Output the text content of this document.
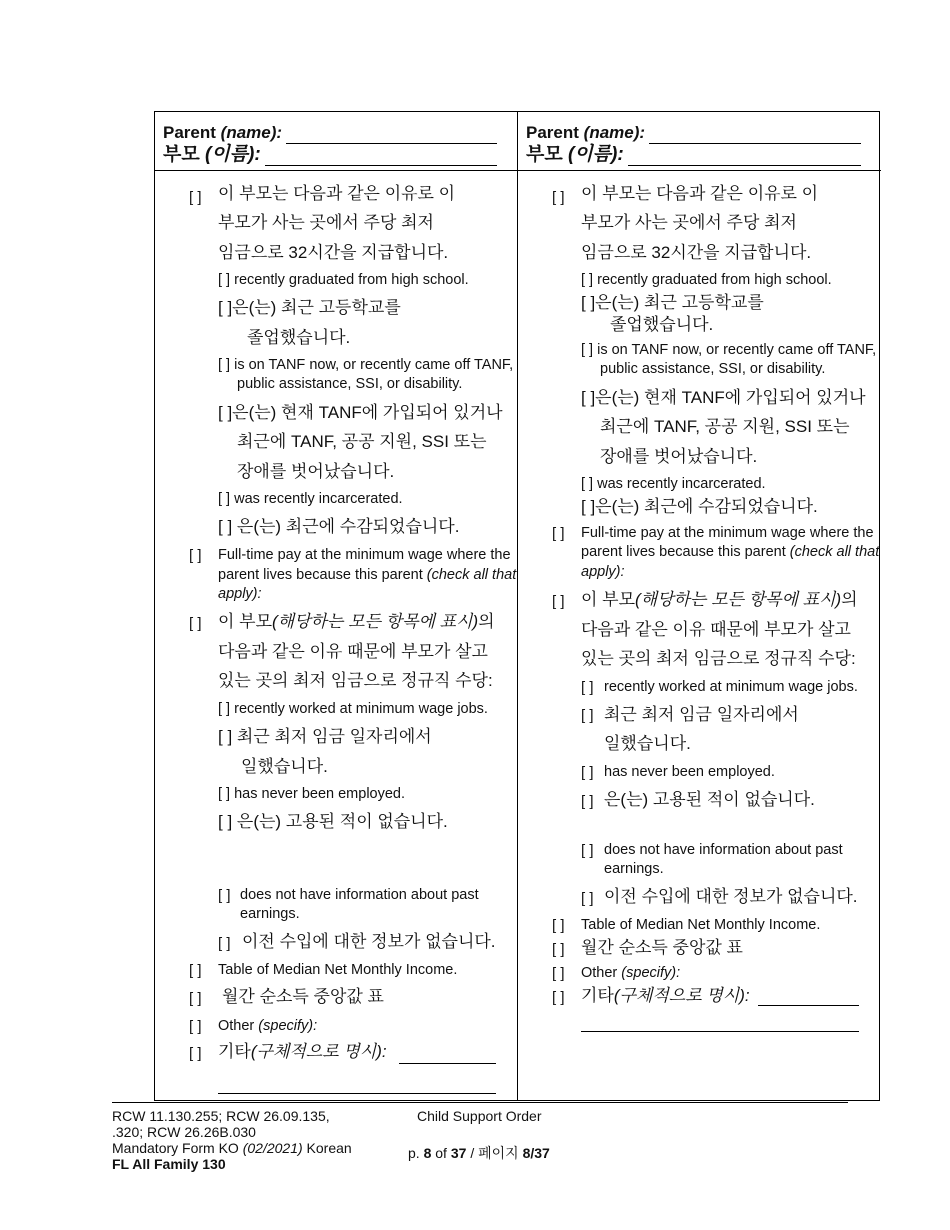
Parent
(name):
부모
(이름):
[ ] 이 부모는 다음과 같은 이유로 이
부모가 사는 곳에서 주당 최저
임금으로 32시간을 지급합니다.
[ ] recently graduated from high school.
[ ]은(는) 최근 고등학교를
졸업했습니다.
[ ] is on TANF now, or recently came off TANF,
public assistance, SSI, or disability.
[ ]은(는) 현재 TANF에 가입되어 있거나
최근에 TANF, 공공 지원, SSI 또는
장애를 벗어났습니다.
[ ] was recently incarcerated.
[ ] 은(는) 최근에 수감되었습니다.
[ ] Full-time pay at the minimum wage where the
parent lives because this parent (check all that
apply):
[ ] 이 부모(해당하는 모든 항목에 표시)의
다음과 같은 이유 때문에 부모가 살고
있는 곳의 최저 임금으로 정규직 수당:
[ ] recently worked at minimum wage jobs.
[ ] 최근 최저 임금 일자리에서
일했습니다.
[ ] has never been employed.
[ ] 은(는) 고용된 적이 없습니다.
[ ] does not have information about past
earnings.
[ ] 이전 수입에 대한 정보가 없습니다.
[ ] Table of Median Net Monthly Income.
[ ] 월간 순소득 중앙값 표
[ ] Other (specify):
[ ] 기타(구체적으로 명시):
Parent
(name):
부모
(이름):
[ ] 이 부모는 다음과 같은 이유로 이
부모가 사는 곳에서 주당 최저
임금으로 32시간을 지급합니다.
[ ] recently graduated from high school.
[ ]은(는) 최근 고등학교를
졸업했습니다.
[ ] is on TANF now, or recently came off TANF,
public assistance, SSI, or disability.
[ ]은(는) 현재 TANF에 가입되어 있거나
최근에 TANF, 공공 지원, SSI 또는
장애를 벗어났습니다.
[ ] was recently incarcerated.
[ ]은(는) 최근에 수감되었습니다.
[ ] Full-time pay at the minimum wage where the
parent lives because this parent (check all that
apply):
[ ] 이 부모(해당하는 모든 항목에 표시)의
다음과 같은 이유 때문에 부모가 살고
있는 곳의 최저 임금으로 정규직 수당:
[ ] recently worked at minimum wage jobs.
[ ] 최근 최저 임금 일자리에서
일했습니다.
[ ] has never been employed.
[ ] 은(는) 고용된 적이 없습니다.
[ ] does not have information about past
earnings.
[ ] 이전 수입에 대한 정보가 없습니다.
[ ] Table of Median Net Monthly Income.
[ ] 월간 순소득 중앙값 표
[ ] Other (specify):
[ ] 기타(구체적으로 명시):
RCW 11.130.255; RCW 26.09.135,
.320; RCW 26.26B.030
Mandatory Form KO (02/2021) Korean
FL All Family 130
Child Support Order
p. 8 of 37 / 페이지 8/37
